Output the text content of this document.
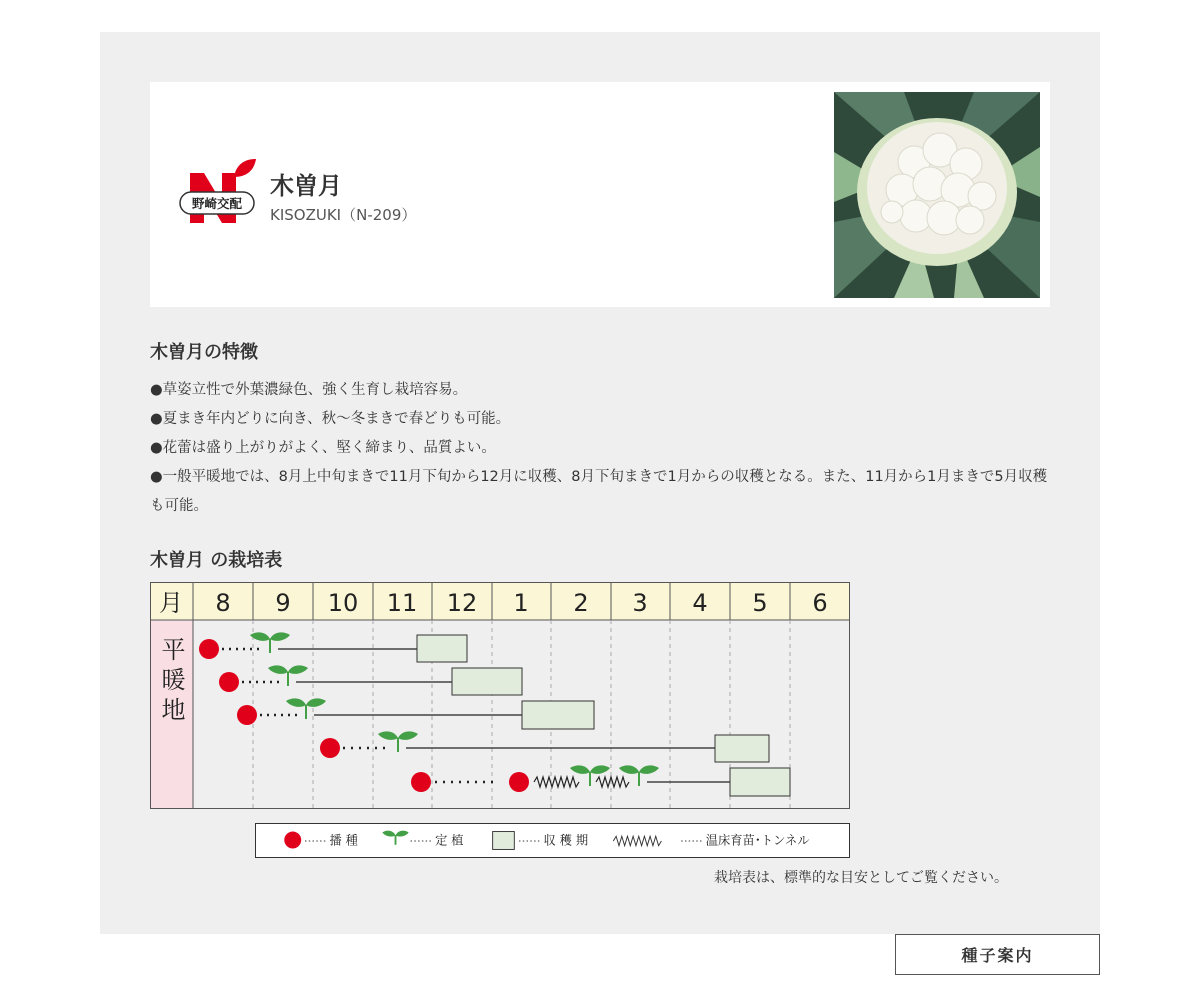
野崎交配
木曽月
KISOZUKI（N-209）
木曽月の特徴

●草姿立性で外葉濃緑色、強く生育し栽培容易。

●夏まき年内どりに向き、秋～冬まきで春どりも可能。

●花蕾は盛り上がりがよく、堅く締まり、品質よい。

●一般平暖地では、8月上中旬まきで11月下旬から12月に収穫、8月下旬まきで1月からの収穫となる。また、11月から1月まきで5月収穫も可能。

木曽月 の栽培表
月 8 9 10 11 12 1 2 3 4 5 6
平暖地
播 種	定 植	収 穫 期	温床育苗･トンネル
栽培表は、標準的な目安としてご覧ください。
種子案内
